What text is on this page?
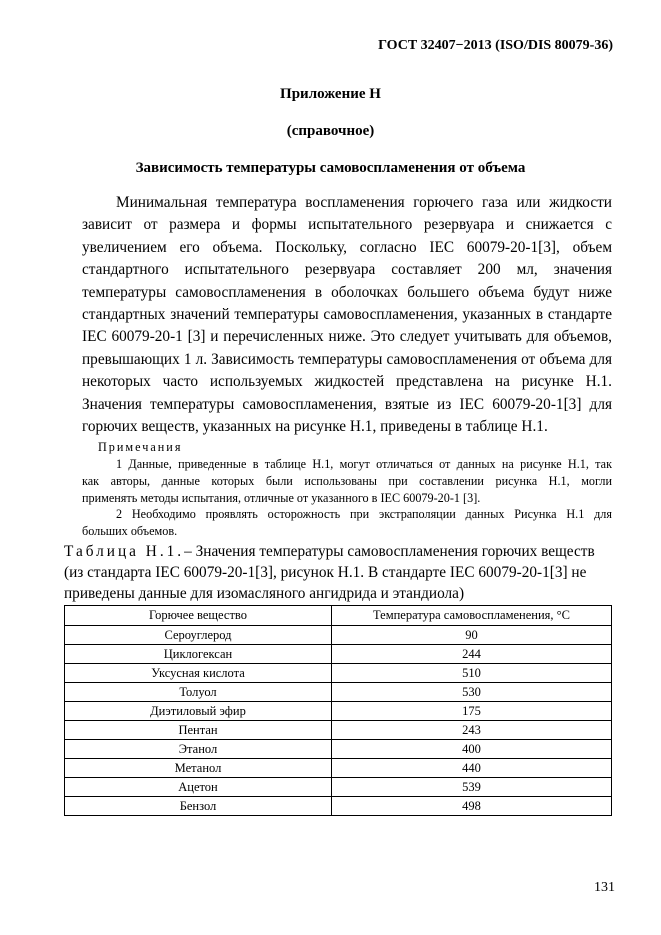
ГОСТ 32407−2013 (ISO/DIS 80079-36)
Приложение Н
(справочное)
Зависимость температуры самовоспламенения от объема
Минимальная температура воспламенения горючего газа или жидкости
зависит от размера и формы испытательного резервуара и снижается с
увеличением его объема. Поскольку, согласно IEC 60079-20-1[3], объем
стандартного испытательного резервуара составляет 200 мл, значения
температуры самовоспламенения в оболочках большего объема будут ниже
стандартных значений температуры самовоспламенения, указанных в стандарте
IEC 60079-20-1 [3] и перечисленных ниже. Это следует учитывать для объемов,
превышающих 1 л. Зависимость температуры самовоспламенения от объема для
некоторых часто используемых жидкостей представлена на рисунке Н.1.
Значения температуры самовоспламенения, взятые из IEC 60079-20-1[3] для
горючих веществ, указанных на рисунке Н.1, приведены в таблице Н.1.
Примечания
1 Данные, приведенные в таблице Н.1, могут отличаться от данных на рисунке Н.1, так
как авторы, данные которых были использованы при составлении рисунка Н.1, могли
применять методы испытания, отличные от указанного в IEC 60079-20-1 [3].
2 Необходимо проявлять осторожность при экстраполяции данных Рисунка Н.1 для
больших объемов.
Таблица Н.1.– Значения температуры самовоспламенения горючих веществ
(из стандарта IEC 60079-20-1[3], рисунок Н.1. В стандарте IEC 60079-20-1[3] не
приведены данные для изомасляного ангидрида и этандиола)
Горючее вещество	Температура самовоспламенения, °C
Сероуглерод	90
Циклогексан	244
Уксусная кислота	510
Толуол	530
Диэтиловый эфир	175
Пентан	243
Этанол	400
Метанол	440
Ацетон	539
Бензол	498
131
